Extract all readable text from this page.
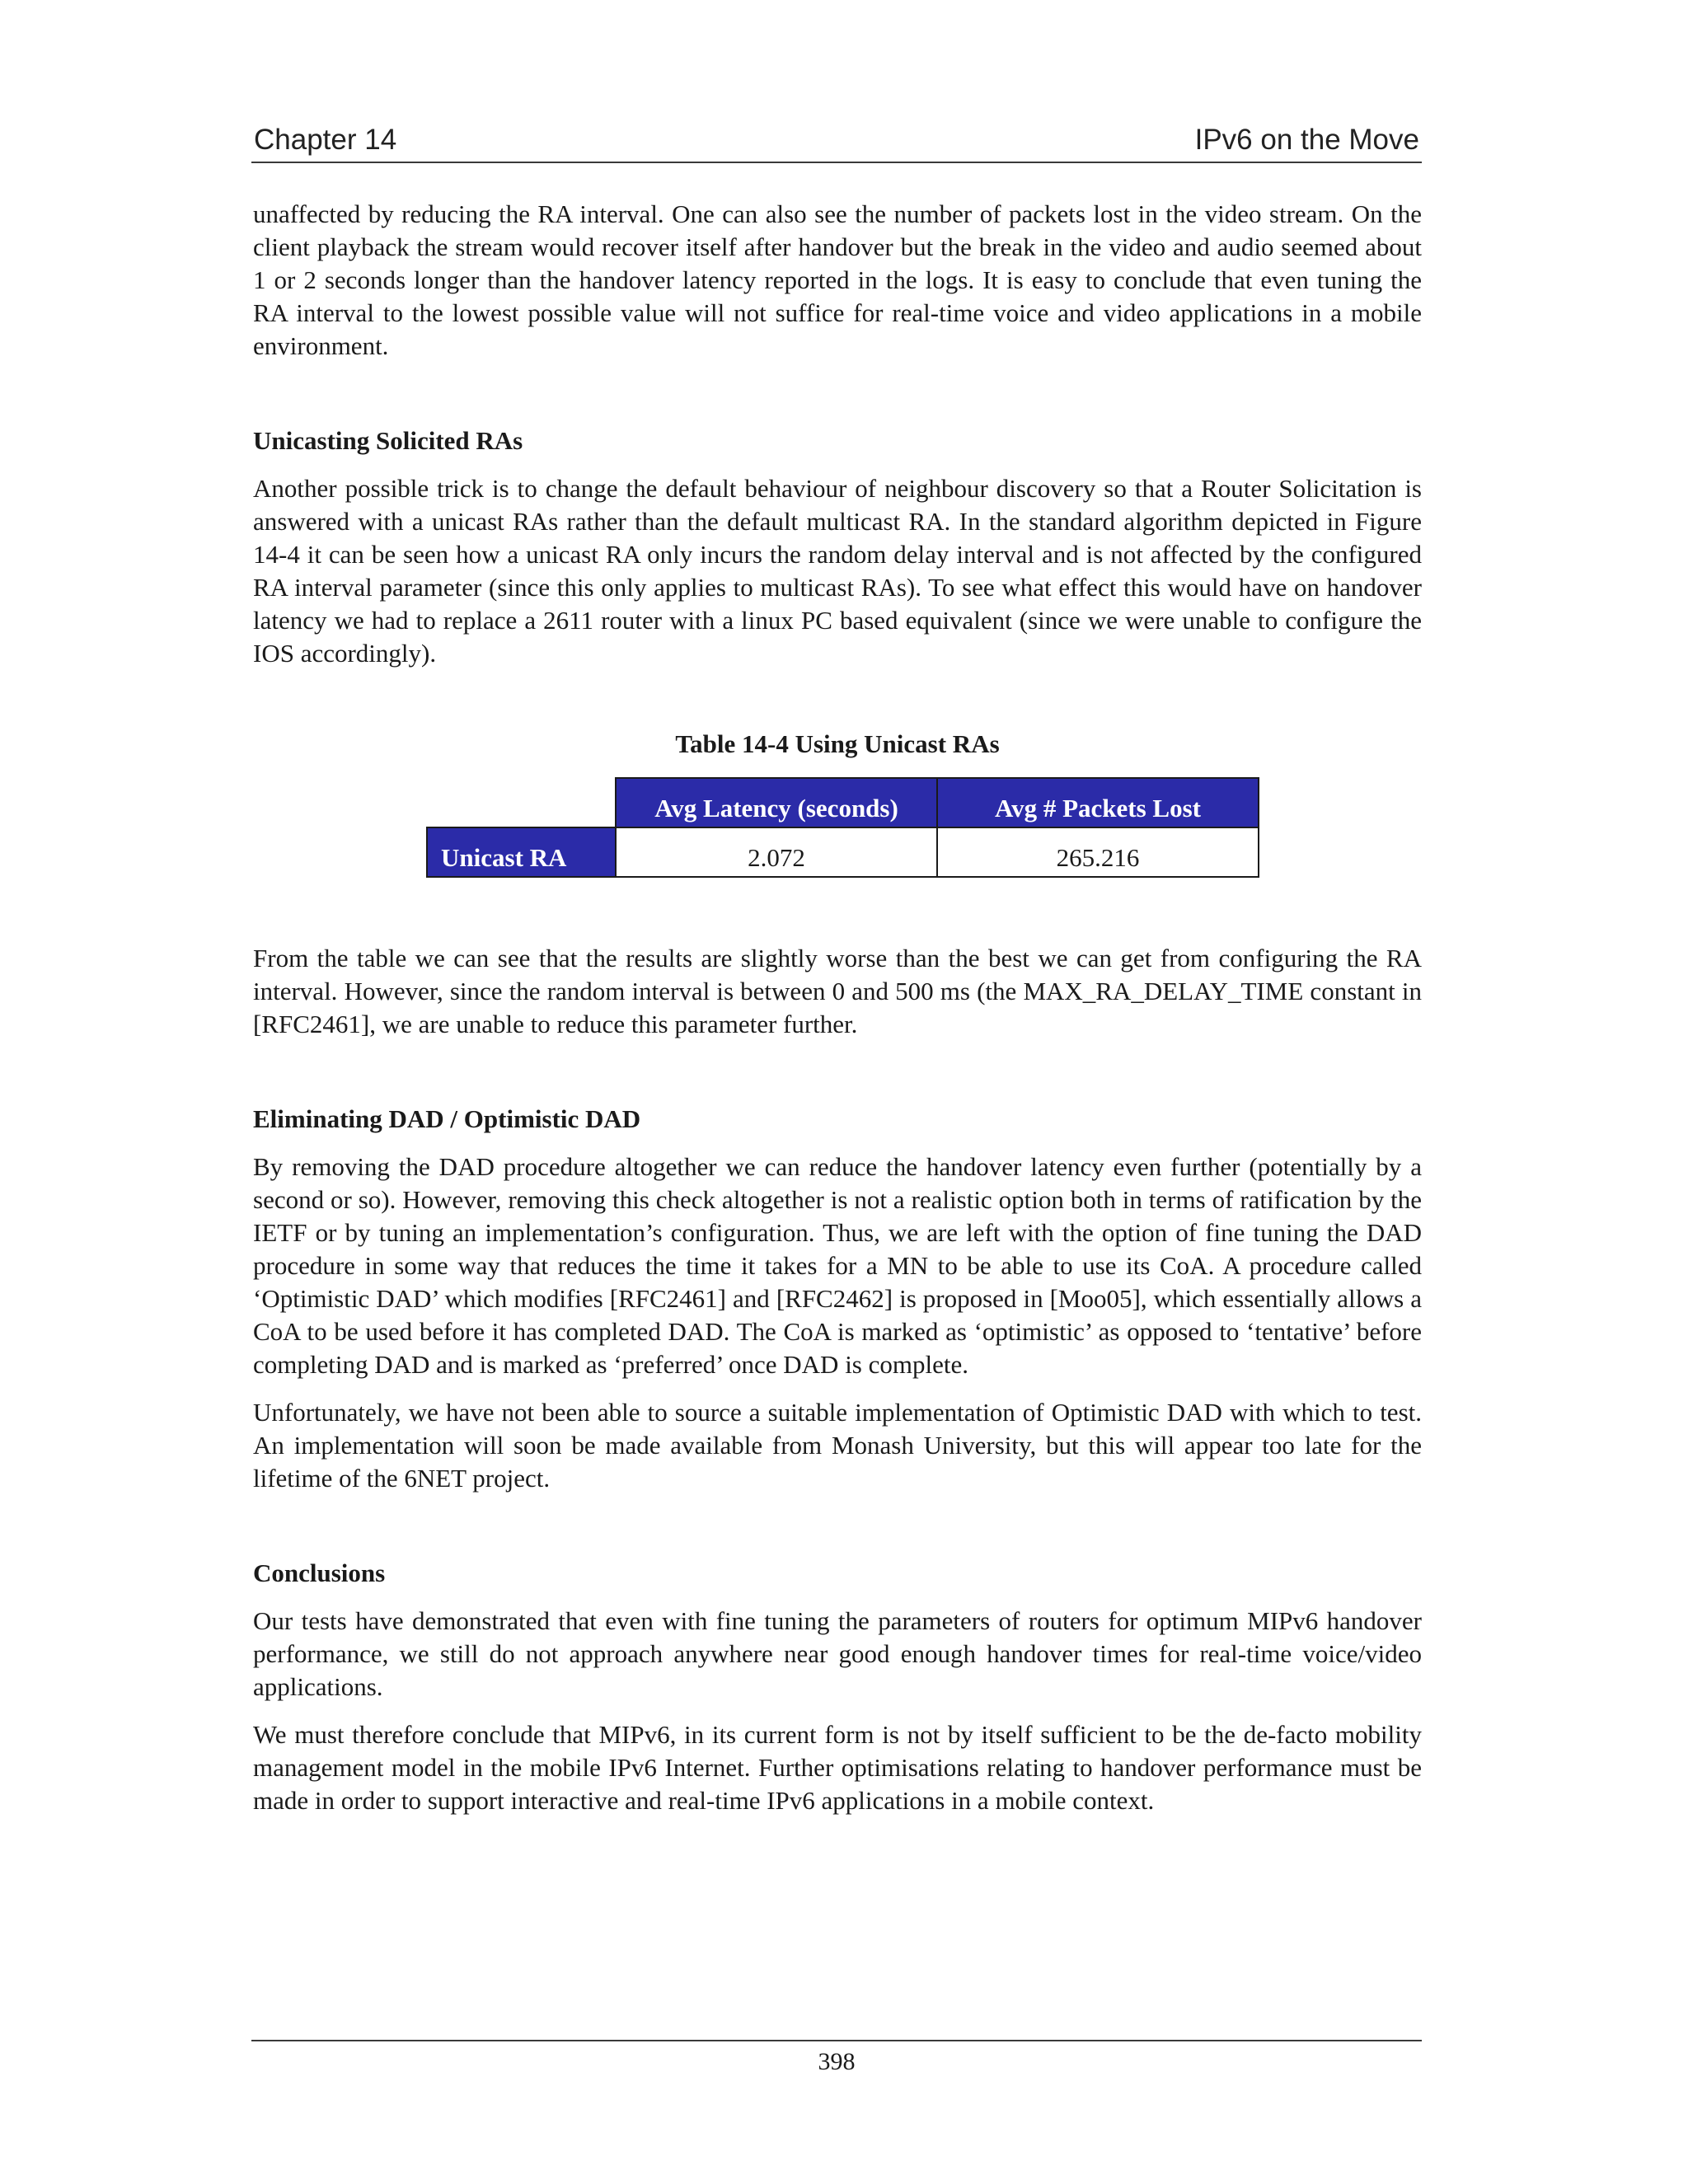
Chapter 14	IPv6 on the Move

unaffected by reducing the RA interval. One can also see the number of packets lost in the video stream. On the client playback the stream would recover itself after handover but the break in the video and audio seemed about 1 or 2 seconds longer than the handover latency reported in the logs. It is easy to conclude that even tuning the RA interval to the lowest possible value will not suffice for real-time voice and video applications in a mobile environment.

Unicasting Solicited RAs

Another possible trick is to change the default behaviour of neighbour discovery so that a Router Solicitation is answered with a unicast RAs rather than the default multicast RA. In the standard algorithm depicted in Figure 14-4 it can be seen how a unicast RA only incurs the random delay interval and is not affected by the configured RA interval parameter (since this only applies to multicast RAs). To see what effect this would have on handover latency we had to replace a 2611 router with a linux PC based equivalent (since we were unable to configure the IOS accordingly).

Table 14-4 Using Unicast RAs

	Avg Latency (seconds)	Avg # Packets Lost
Unicast RA	2.072	265.216

From the table we can see that the results are slightly worse than the best we can get from configuring the RA interval. However, since the random interval is between 0 and 500 ms (the MAX_RA_DELAY_TIME constant in [RFC2461], we are unable to reduce this parameter further.

Eliminating DAD / Optimistic DAD

By removing the DAD procedure altogether we can reduce the handover latency even further (potentially by a second or so). However, removing this check altogether is not a realistic option both in terms of ratification by the IETF or by tuning an implementation’s configuration. Thus, we are left with the option of fine tuning the DAD procedure in some way that reduces the time it takes for a MN to be able to use its CoA. A procedure called ‘Optimistic DAD’ which modifies [RFC2461] and [RFC2462] is proposed in [Moo05], which essentially allows a CoA to be used before it has completed DAD. The CoA is marked as ‘optimistic’ as opposed to ‘tentative’ before completing DAD and is marked as ‘preferred’ once DAD is complete.

Unfortunately, we have not been able to source a suitable implementation of Optimistic DAD with which to test. An implementation will soon be made available from Monash University, but this will appear too late for the lifetime of the 6NET project.

Conclusions

Our tests have demonstrated that even with fine tuning the parameters of routers for optimum MIPv6 handover performance, we still do not approach anywhere near good enough handover times for real-time voice/video applications.

We must therefore conclude that MIPv6, in its current form is not by itself sufficient to be the de-facto mobility management model in the mobile IPv6 Internet. Further optimisations relating to handover performance must be made in order to support interactive and real-time IPv6 applications in a mobile context.

398
